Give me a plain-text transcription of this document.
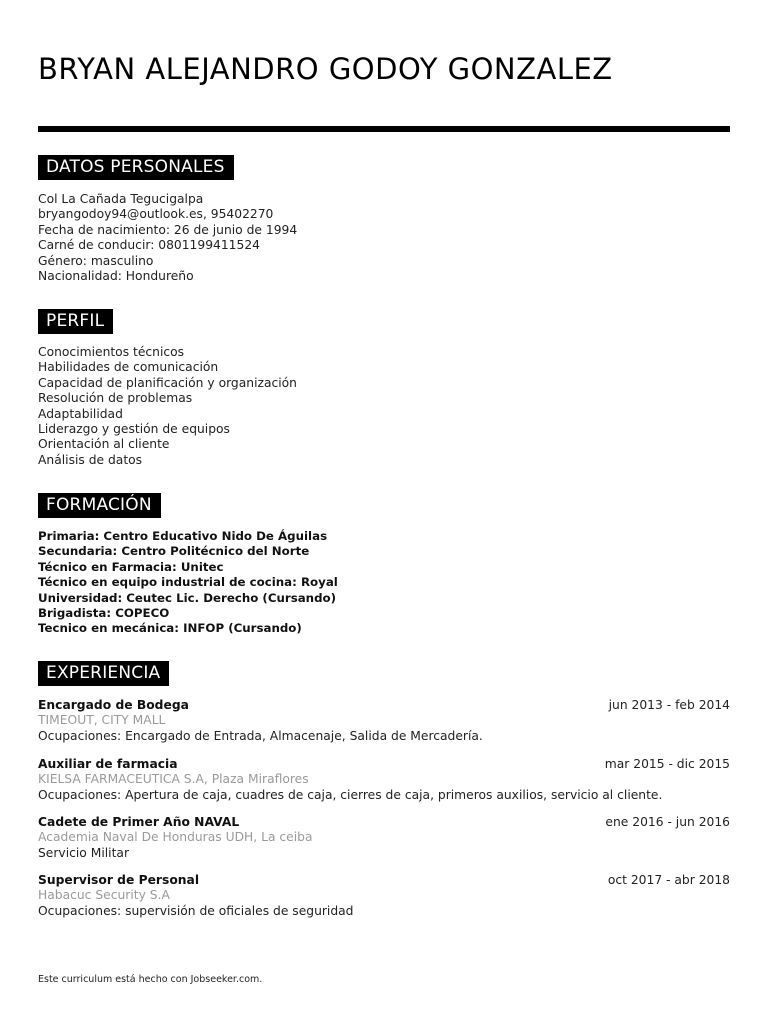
BRYAN ALEJANDRO GODOY GONZALEZ
DATOS PERSONALES
Col La Cañada Tegucigalpa
bryangodoy94@outlook.es, 95402270
Fecha de nacimiento: 26 de junio de 1994
Carné de conducir: 0801199411524
Género: masculino
Nacionalidad: Hondureño
PERFIL
Conocimientos técnicos
Habilidades de comunicación
Capacidad de planificación y organización
Resolución de problemas
Adaptabilidad
Liderazgo y gestión de equipos
Orientación al cliente
Análisis de datos
FORMACIÓN
Primaria: Centro Educativo Nido De Águilas
Secundaria: Centro Politécnico del Norte
Técnico en Farmacia: Unitec
Técnico en equipo industrial de cocina: Royal
Universidad: Ceutec Lic. Derecho (Cursando)
Brigadista: COPECO
Tecnico en mecánica: INFOP (Cursando)
EXPERIENCIA
Encargado de Bodega	jun 2013 - feb 2014
TIMEOUT, CITY MALL
Ocupaciones: Encargado de Entrada, Almacenaje, Salida de Mercadería.
Auxiliar de farmacia	mar 2015 - dic 2015
KIELSA FARMACEUTICA S.A, Plaza Miraflores
Ocupaciones: Apertura de caja, cuadres de caja, cierres de caja, primeros auxilios, servicio al cliente.
Cadete de Primer Año NAVAL	ene 2016 - jun 2016
Academia Naval De Honduras UDH, La ceiba
Servicio Militar
Supervisor de Personal	oct 2017 - abr 2018
Habacuc Security S.A
Ocupaciones: supervisión de oficiales de seguridad
Este curriculum está hecho con Jobseeker.com.
